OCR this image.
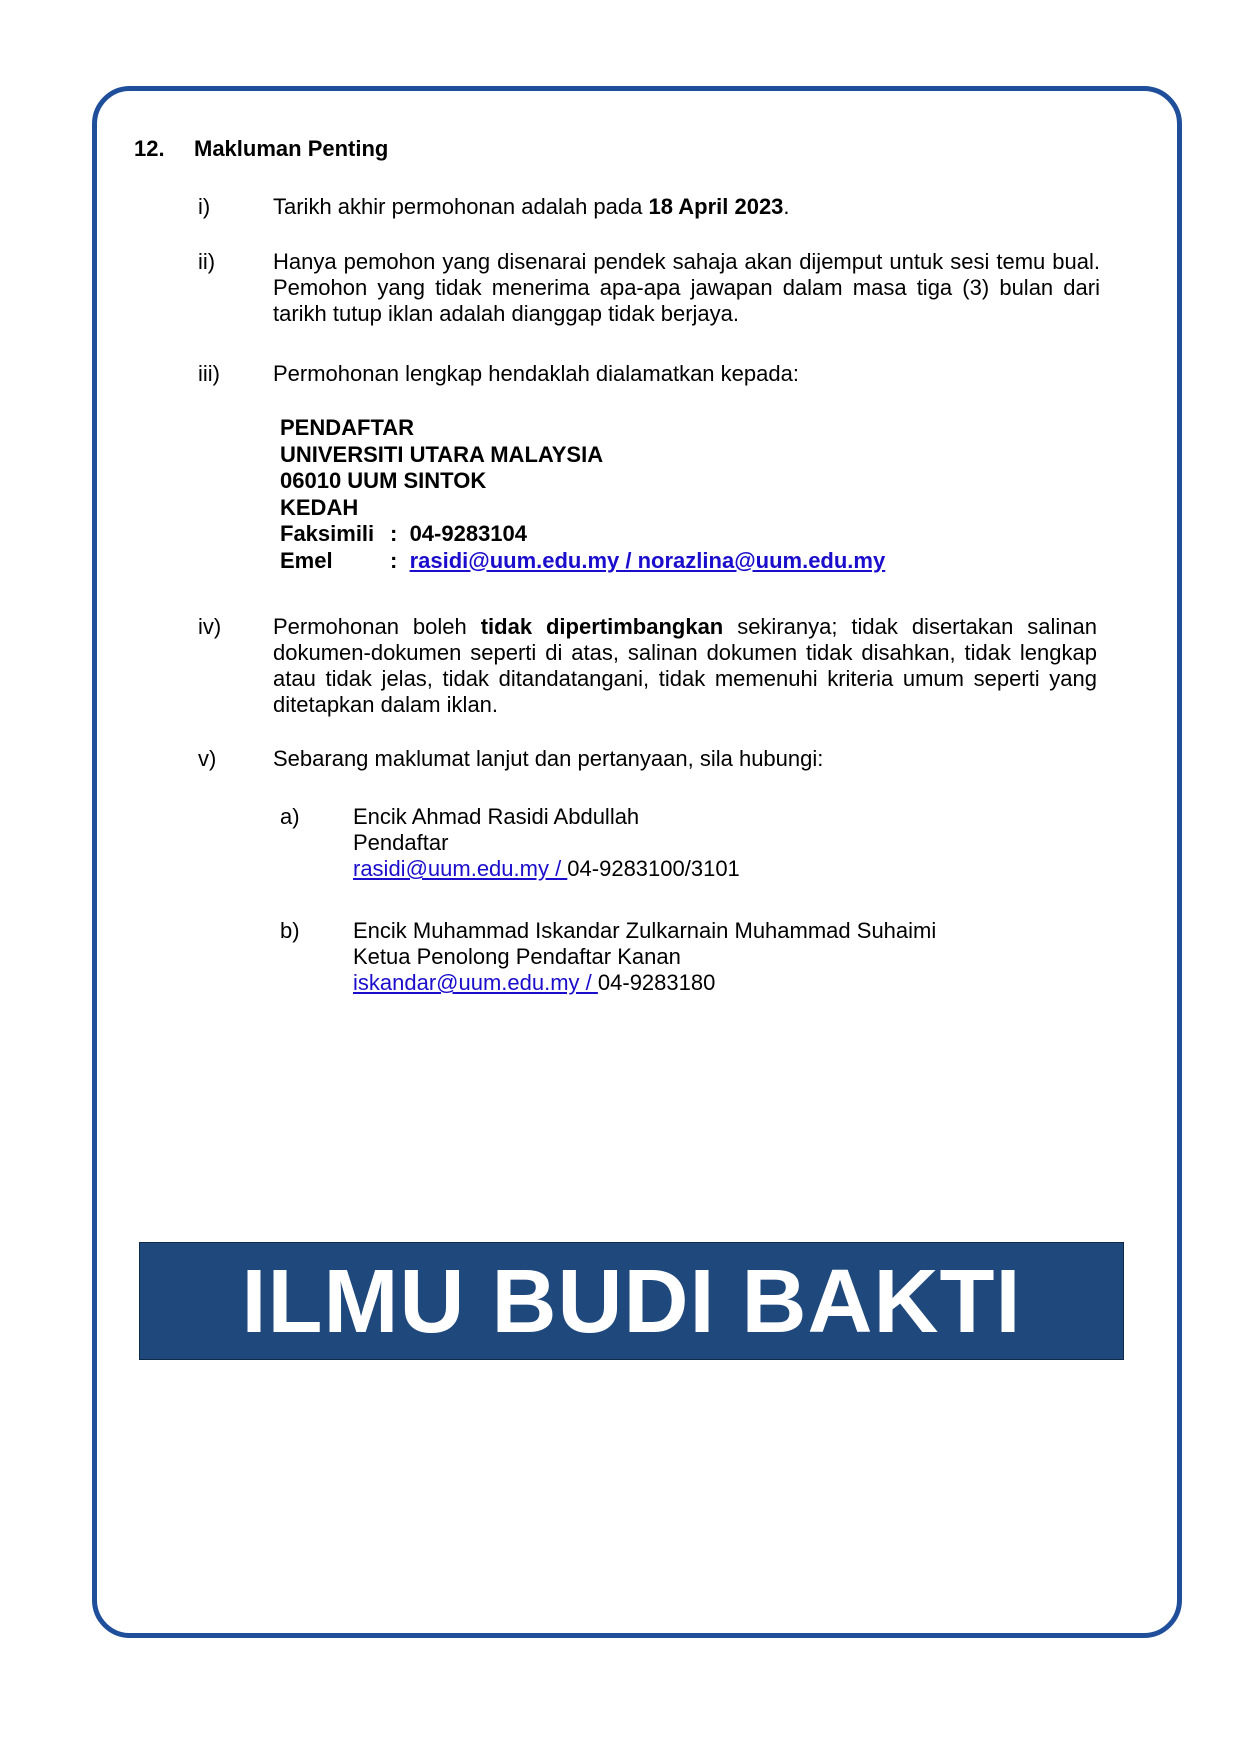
12. Makluman Penting
i)	Tarikh akhir permohonan adalah pada 18 April 2023.
ii)	Hanya pemohon yang disenarai pendek sahaja akan dijemput untuk sesi temu bual. Pemohon yang tidak menerima apa-apa jawapan dalam masa tiga (3) bulan dari tarikh tutup iklan adalah dianggap tidak berjaya.
iii) Permohonan lengkap hendaklah dialamatkan kepada:
PENDAFTAR
UNIVERSITI UTARA MALAYSIA
06010 UUM SINTOK
KEDAH
Faksimili : 04-9283104
Emel	: rasidi@uum.edu.my / norazlina@uum.edu.my
iv) Permohonan boleh tidak dipertimbangkan sekiranya; tidak disertakan salinan dokumen-dokumen seperti di atas, salinan dokumen tidak disahkan, tidak lengkap atau tidak jelas, tidak ditandatangani, tidak memenuhi kriteria umum seperti yang ditetapkan dalam iklan.
v)	Sebarang maklumat lanjut dan pertanyaan, sila hubungi:
a) Encik Ahmad Rasidi Abdullah
Pendaftar
rasidi@uum.edu.my / 04-9283100/3101
b) Encik Muhammad Iskandar Zulkarnain Muhammad Suhaimi
Ketua Penolong Pendaftar Kanan
iskandar@uum.edu.my / 04-9283180
ILMU BUDI BAKTI
